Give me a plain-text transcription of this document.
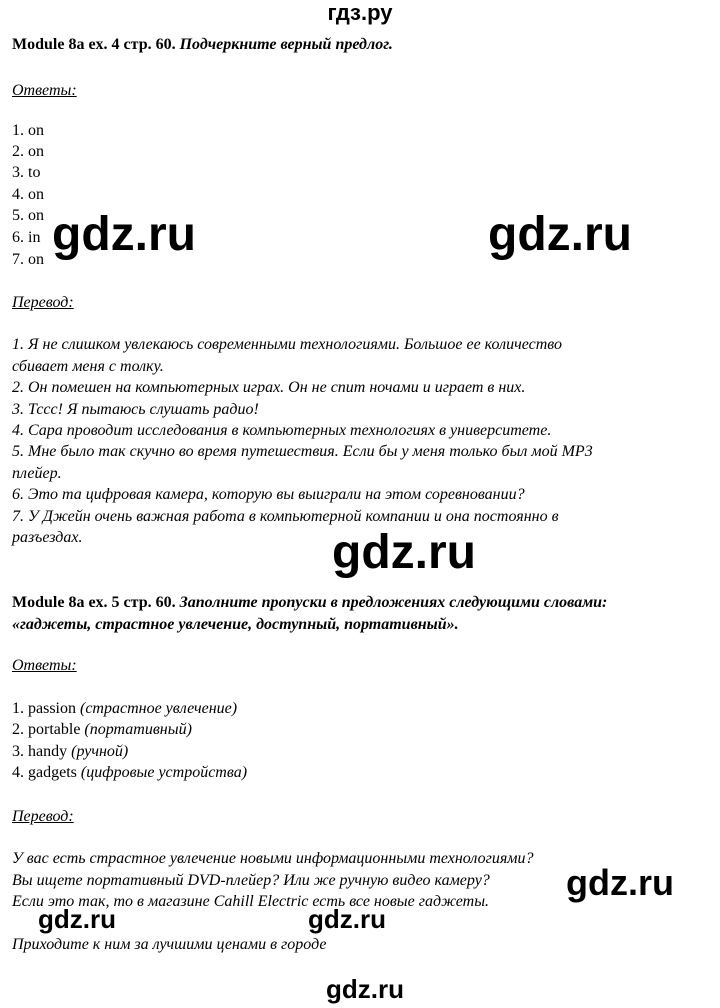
гдз.ру
Module 8a ex. 4 стр. 60. Подчеркните верный предлог.
Ответы:
1. on
2. on
3. to
4. on
5. on
6. in
7. on
Перевод:
1. Я не слишком увлекаюсь современными технологиями. Большое ее количество
сбивает меня с толку.
2. Он помешен на компьютерных играх. Он не спит ночами и играет в них.
3. Тссс! Я пытаюсь слушать радио!
4. Сара проводит исследования в компьютерных технологиях в университете.
5. Мне было так скучно во время путешествия. Если бы у меня только был мой MP3
плейер.
6. Это та цифровая камера, которую вы выиграли на этом соревновании?
7. У Джейн очень важная работа в компьютерной компании и она постоянно в
разъездах.
Module 8a ex. 5 стр. 60. Заполните пропуски в предложениях следующими словами:
«гаджеты, страстное увлечение, доступный, портативный».
Ответы:
1. passion (страстное увлечение)
2. portable (портативный)
3. handy (ручной)
4. gadgets (цифровые устройства)
Перевод:
У вас есть страстное увлечение новыми информационными технологиями?
Вы ищете портативный DVD-плейер? Или же ручную видео камеру?
Если это так, то в магазине Cahill Electric есть все новые гаджеты.
Приходите к ним за лучшими ценами в городе
gdz.ru	gdz.ru
gdz.ru
gdz.ru
gdz.ru	gdz.ru
gdz.ru
